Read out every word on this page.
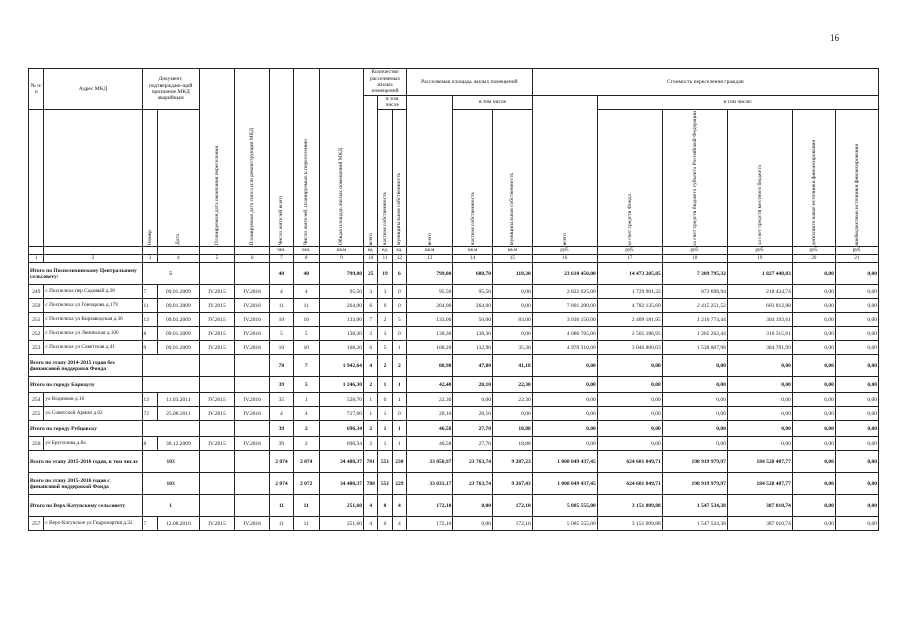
16
№ п/п	Адрес МКД	Документ, подтверждаю-щий признание МКД аварийным		Планируемая дата окончания переселения	Планируемая дата сноса или реконструкции МКД	Число жителей всего	Число жителей, планируемых к переселению	Общая площадь жилых помещений МКД	Количество расселяемых жилых помещений			Расселяемая площадь жилых помещений			Стоимость переселения граждан					

									всего	в том числе		всего	в том числе		всего	в том числе:				

		Номер	Дата							частная собственность	муниципальная собственность		частная собственность	муниципальная собственность		за счет средств Фонда	за счет средств бюджета субъекта Российской Федерации	за счет средств местного бюджета	дополнительные источники финансирования	внебюджетные источники финансирования

						чел.	чел.	кв.м	ед.	ед.	ед.	кв.м	кв.м	кв.м	руб.	руб.	руб.	руб.	руб.	руб.
1	2	3	4	5	6	7	8	9	10	11	12	13	14	15	16	17	18	19	20	21
Итого по Поспелихинскому Центральному сельсовету:		5				40	40	799,00	25	19	6	799,00	680,70	118,30	23 610 450,00	14 473 205,85	7 309 795,32	1 827 448,83	0,00	0,00
249	с Поспелиха пер Садовый д.28	7	09.01.2009	IV.2015	IV.2016	4	4	95,50	3	3	0	95,50	95,50	0,00	2 822 025,00	1 729 901,32	873 698,94	218 424,74	0,00	0,00
250	с Поспелиха ул Гончарова д.179	11	09.01.2009	IV.2015	IV.2016	11	11	264,00	6	6	0	264,00	264,00	0,00	7 801 200,00	4 782 135,60	2 415 251,52	603 812,88	0,00	0,00
251	с Поспелиха ул Кирзаводская д.36	13	09.01.2009	IV.2015	IV.2016	10	10	133,00	7	2	5	133,00	50,00	83,00	3 930 150,00	2 409 181,95	1 216 774,44	304 193,61	0,00	0,00
252	с Поспелиха ул Ленинская д.106	8	09.01.2009	IV.2015	IV.2016	5	5	138,30	3	3	0	138,30	138,30	0,00	4 086 765,00	2 505 186,95	1 265 262,44	316 315,61	0,00	0,00
253	с Поспелиха ул Советская д.41	9	09.01.2009	IV.2015	IV.2016	10	10	168,20	6	5	1	168,20	132,90	35,30	4 970 310,00	3 046 800,03	1 538 807,98	384 701,99	0,00	0,00
Всего по этапу 2014-2015 годов без финансовой поддержки Фонда						78	7	1 942,64	4	2	2	88,98	47,80	41,18	0,00	0,00	0,00	0,00	0,00	0,00
Итого по городу Барнаулу						39	5	1 246,30	2	1	1	42,40	20,10	22,30	0,00	0,00	0,00	0,00	0,00	0,00
254	ул Водников д.16	13	11.03.2011	IV.2015	IV.2016	35	1	528,70	1	0	1	22,30	0,00	22,30	0,00	0,00	0,00	0,00	0,00	0,00
255	ул Советской Армии д.62	72	25.08.2011	IV.2015	IV.2016	4	4	717,60	1	1	0	20,10	20,10	0,00	0,00	0,00	0,00	0,00	0,00	0,00
Итого по городу Рубцовску						39	2	696,34	2	1	1	46,58	27,70	18,88	0,00	0,00	0,00	0,00	0,00	0,00
256	ул Брусилова д.8а	8	30.12.2009	IV.2015	IV.2016	39	2	696,34	2	1	1	46,58	27,70	18,88	0,00	0,00	0,00	0,00	0,00	0,00
Всего по этапу 2015-2016 годов, в том числе		103				2 074	2 074	34 480,37	781	551	230	33 050,97	23 763,74	9 287,23	1 008 049 437,45	624 601 049,71	198 919 979,97	184 528 407,77	0,00	0,00
Всего по этапу 2015-2016 годов с финансовой поддержкой Фонда		103				2 074	2 072	34 480,37	780	551	229	33 031,17	23 763,74	9 267,43	1 008 049 437,45	624 601 049,71	198 919 979,97	184 528 407,77	0,00	0,00
Итого по Верх-Катунскому сельсовету		1				11	11	251,60	4	0	4	172,10	0,00	172,10	5 085 555,00	3 151 009,88	1 547 534,38	387 010,74	0,00	0,00
257	с Верх-Катунское ул Гидропартия д.32	7	12.08.2010	IV.2015	IV.2016	11	11	251,60	4	0	4	172,10	0,00	172,10	5 085 555,00	3 151 009,88	1 547 534,38	387 010,74	0,00	0,00
